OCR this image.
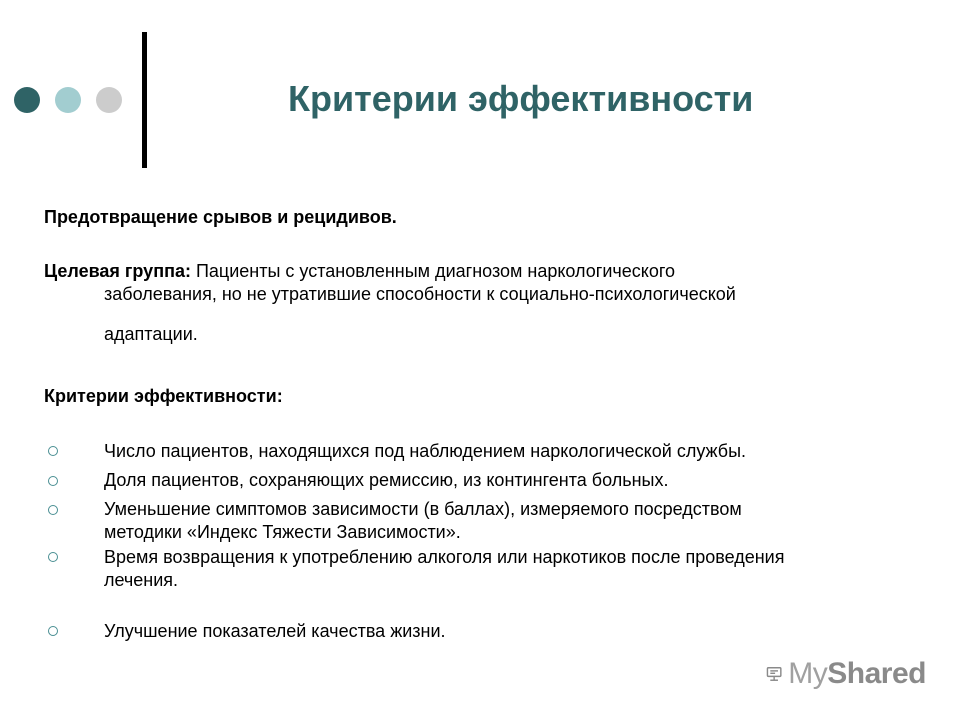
Критерии эффективности
Предотвращение срывов и рецидивов.
Целевая группа: Пациенты с установленным диагнозом наркологического
заболевания, но не утратившие способности к социально-психологической
адаптации.
Критерии эффективности:
Число пациентов, находящихся под наблюдением наркологической службы.
Доля пациентов, сохраняющих ремиссию, из контингента больных.
Уменьшение симптомов зависимости (в баллах), измеряемого посредством
методики «Индекс Тяжести Зависимости».
Время возвращения к употреблению алкоголя или наркотиков после проведения
лечения.
Улучшение показателей качества жизни.
MyShared
